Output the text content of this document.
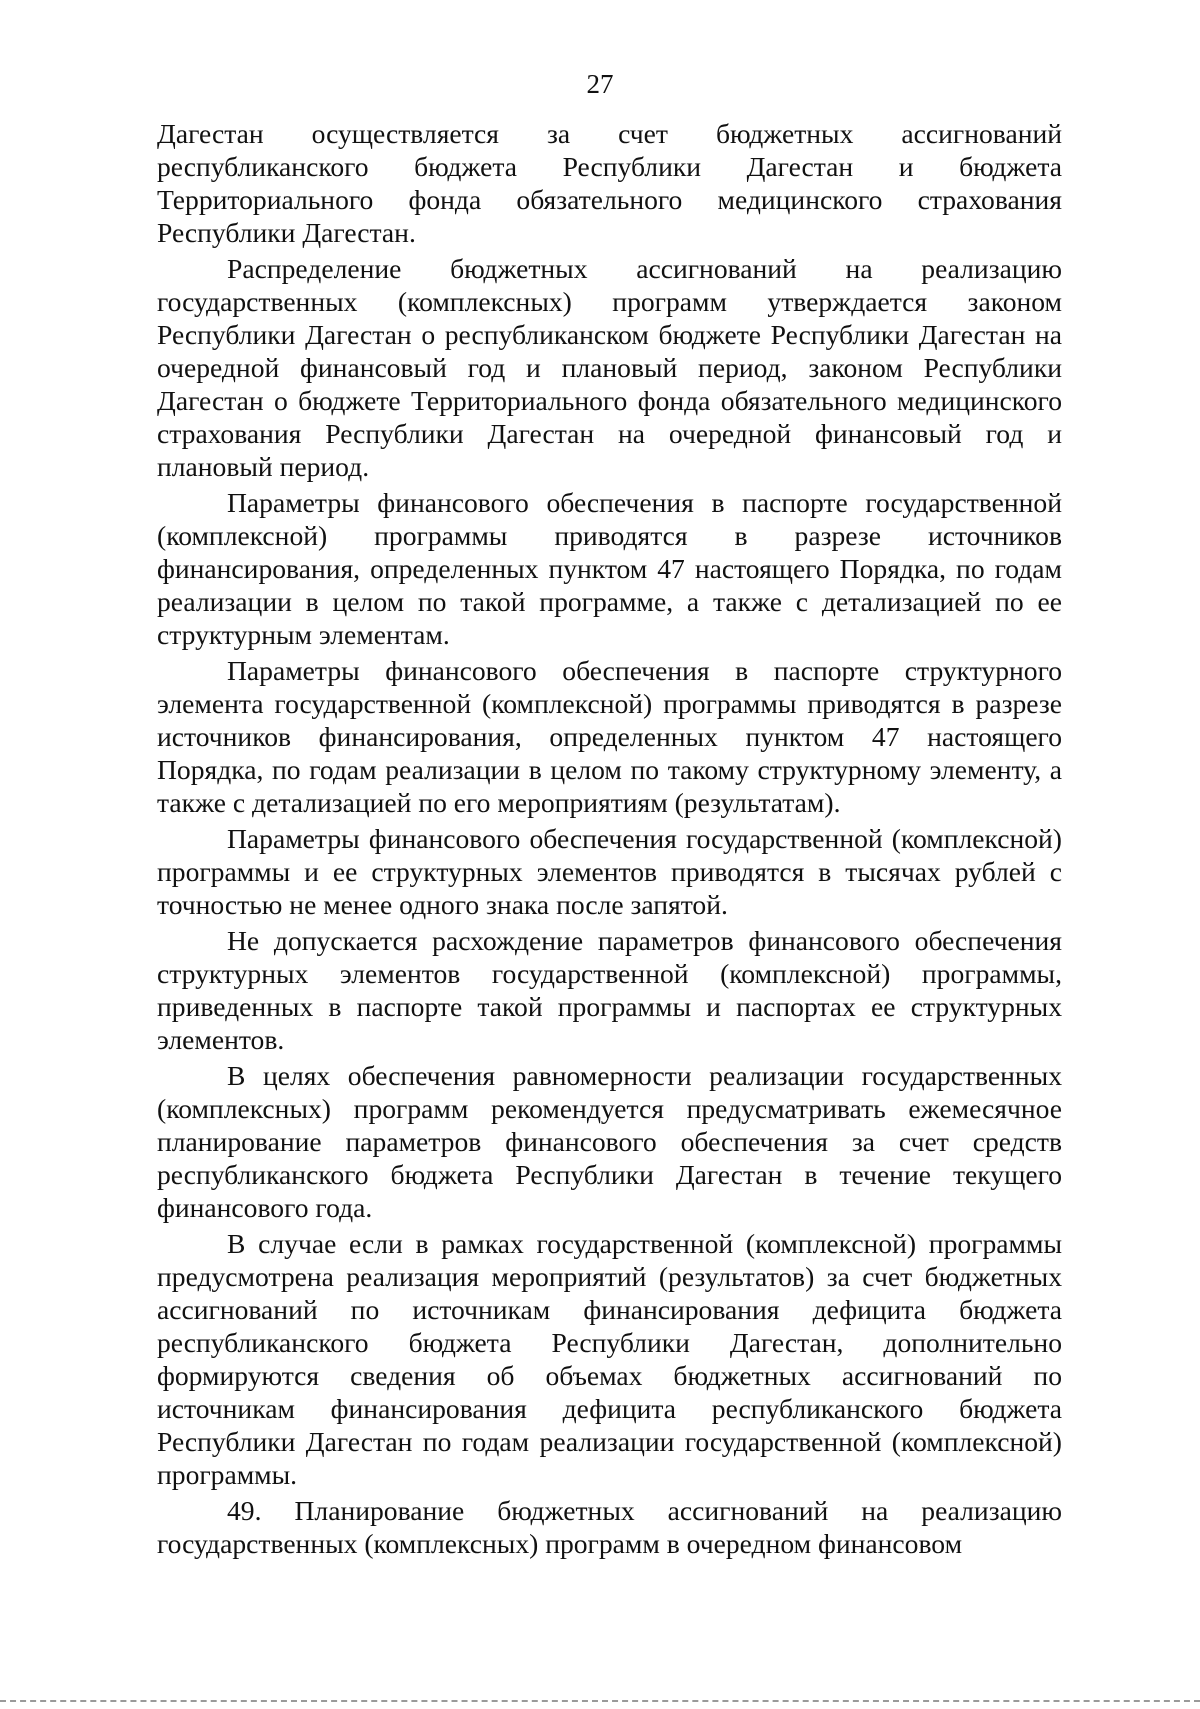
27

Дагестан осуществляется за счет бюджетных ассигнований республиканского бюджета Республики Дагестан и бюджета Территориального фонда обязательного медицинского страхования Республики Дагестан.

Распределение бюджетных ассигнований на реализацию государственных (комплексных) программ утверждается законом Республики Дагестан о республиканском бюджете Республики Дагестан на очередной финансовый год и плановый период, законом Республики Дагестан о бюджете Территориального фонда обязательного медицинского страхования Республики Дагестан на очередной финансовый год и плановый период.

Параметры финансового обеспечения в паспорте государственной (комплексной) программы приводятся в разрезе источников финансирования, определенных пунктом 47 настоящего Порядка, по годам реализации в целом по такой программе, а также с детализацией по ее структурным элементам.

Параметры финансового обеспечения в паспорте структурного элемента государственной (комплексной) программы приводятся в разрезе источников финансирования, определенных пунктом 47 настоящего Порядка, по годам реализации в целом по такому структурному элементу, а также с детализацией по его мероприятиям (результатам).

Параметры финансового обеспечения государственной (комплексной) программы и ее структурных элементов приводятся в тысячах рублей с точностью не менее одного знака после запятой.

Не допускается расхождение параметров финансового обеспечения структурных элементов государственной (комплексной) программы, приведенных в паспорте такой программы и паспортах ее структурных элементов.

В целях обеспечения равномерности реализации государственных (комплексных) программ рекомендуется предусматривать ежемесячное планирование параметров финансового обеспечения за счет средств республиканского бюджета Республики Дагестан в течение текущего финансового года.

В случае если в рамках государственной (комплексной) программы предусмотрена реализация мероприятий (результатов) за счет бюджетных ассигнований по источникам финансирования дефицита бюджета республиканского бюджета Республики Дагестан, дополнительно формируются сведения об объемах бюджетных ассигнований по источникам финансирования дефицита республиканского бюджета Республики Дагестан по годам реализации государственной (комплексной) программы.

49. Планирование бюджетных ассигнований на реализацию государственных (комплексных) программ в очередном финансовом
